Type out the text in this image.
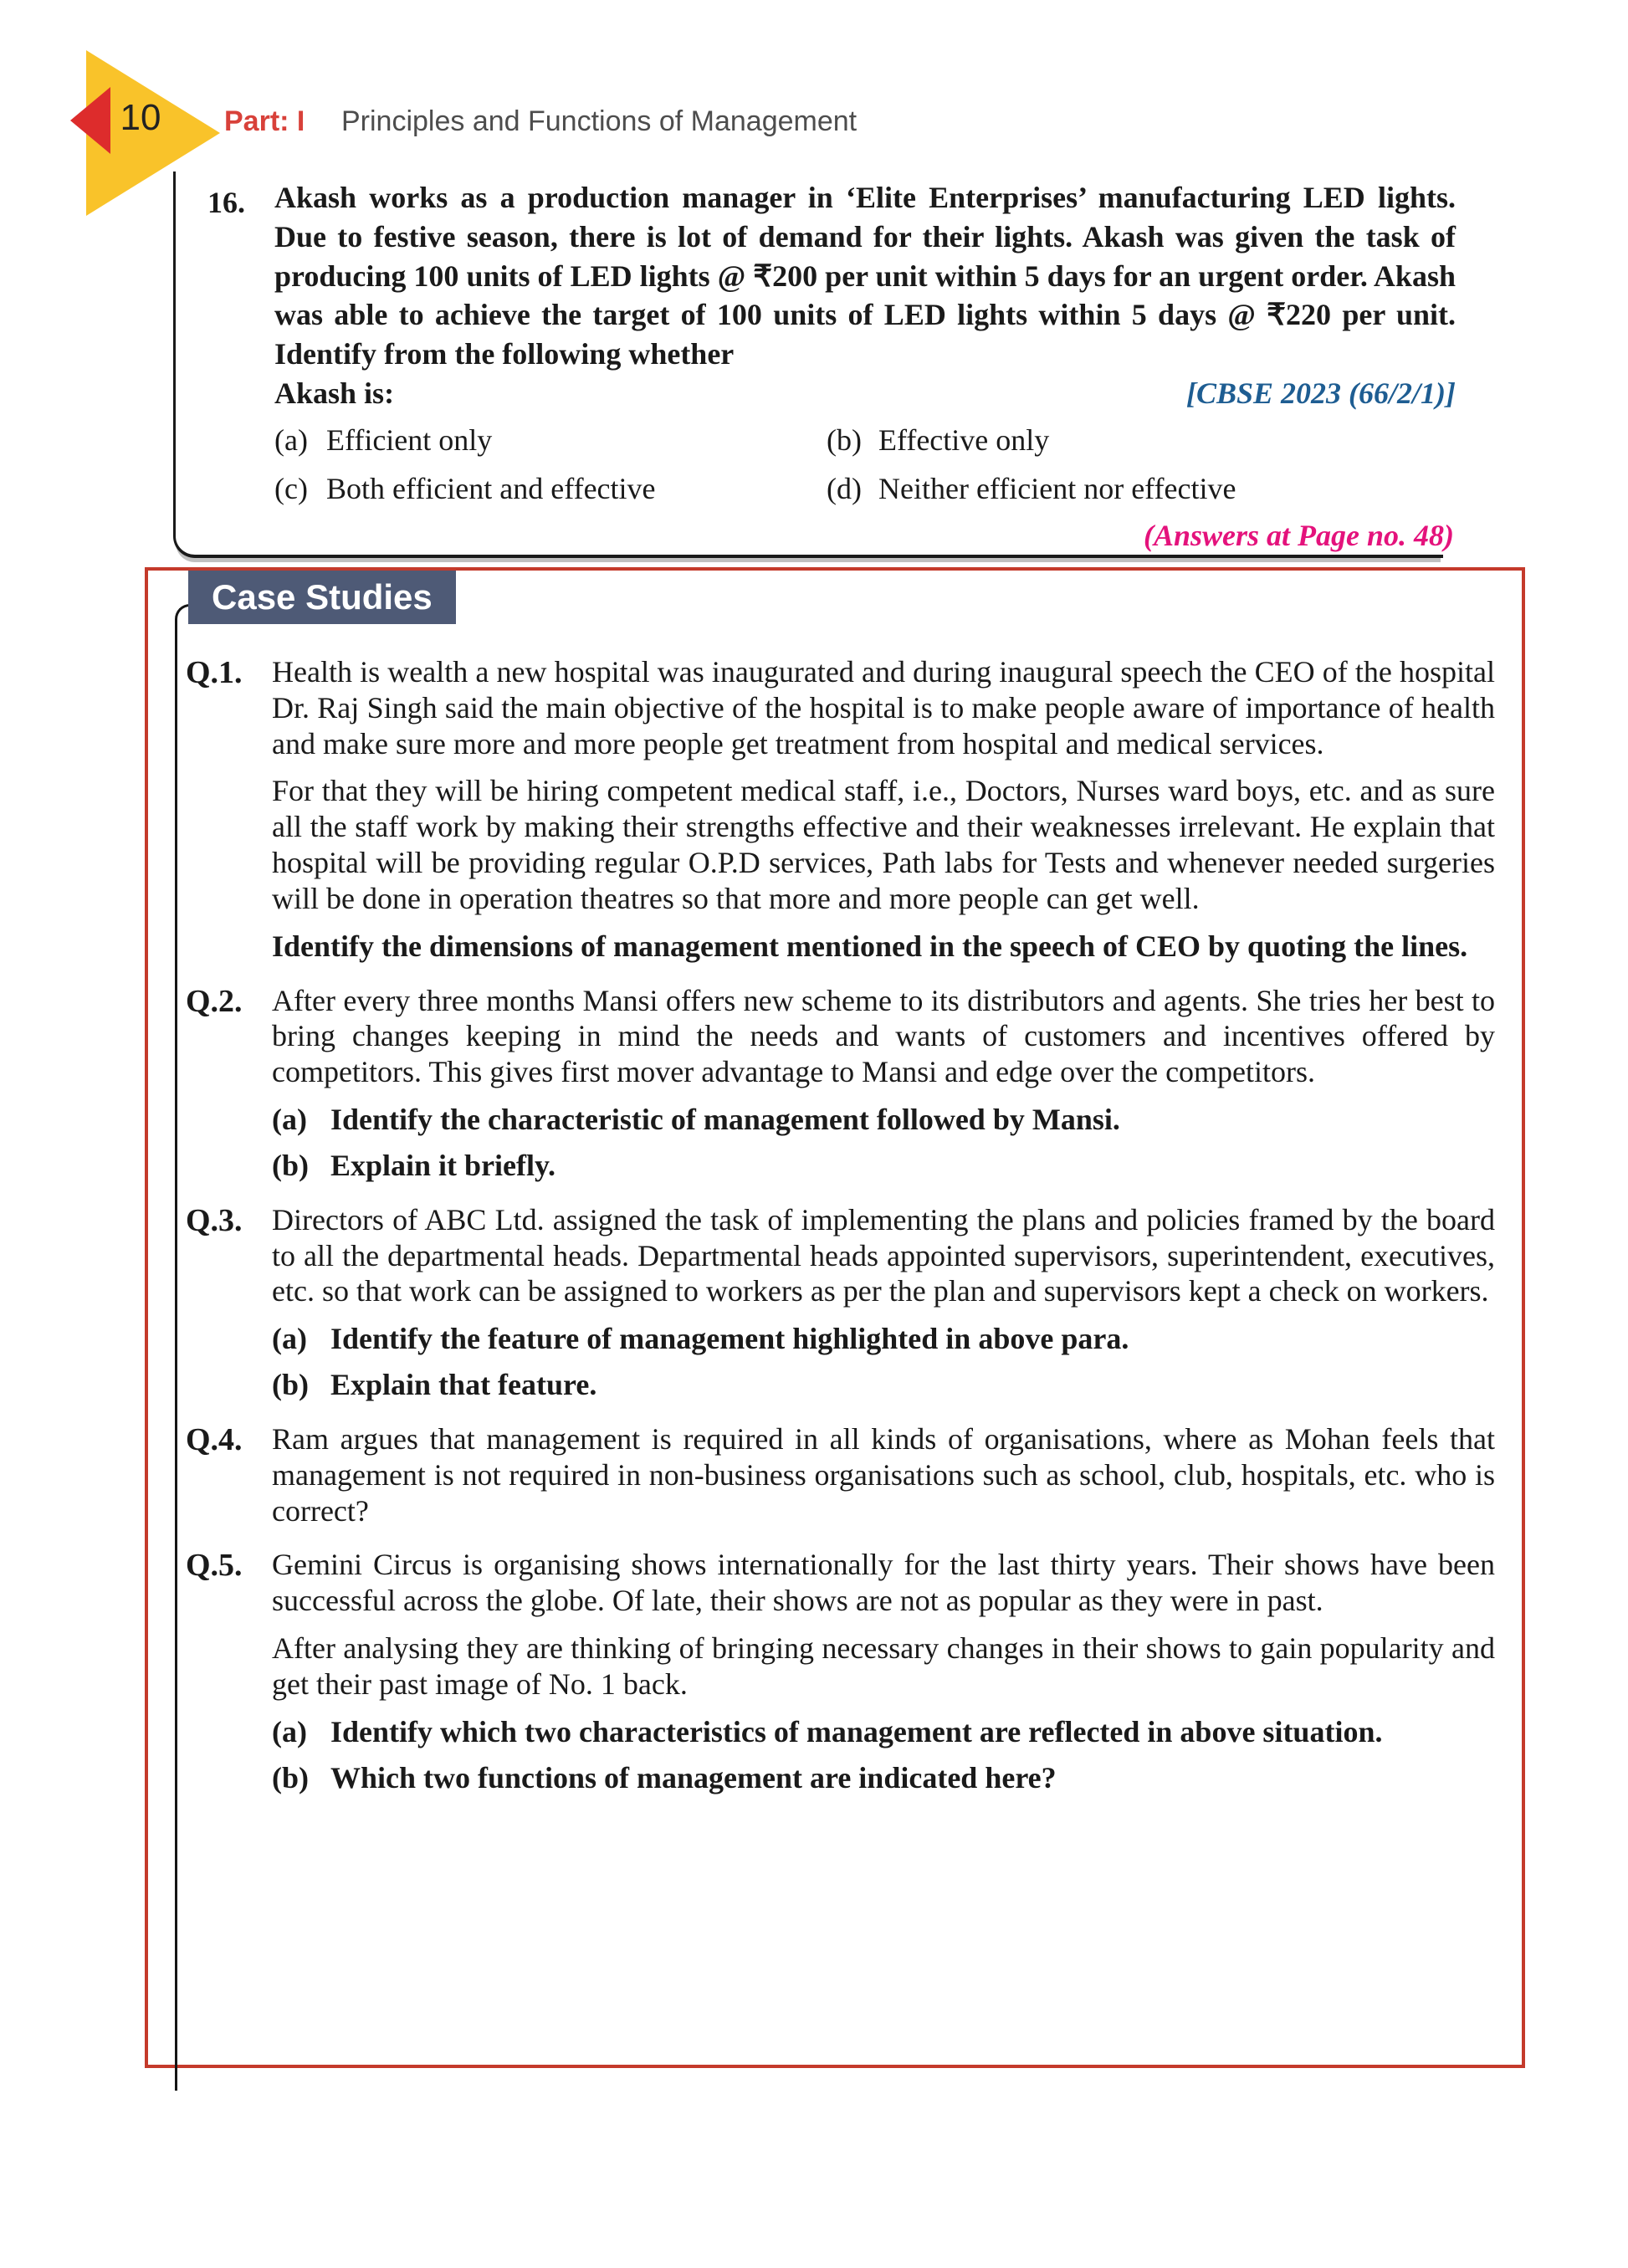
10	Part: I Principles and Functions of Management
16. Akash works as a production manager in ‘Elite Enterprises’ manufacturing LED lights. Due to festive season, there is lot of demand for their lights. Akash was given the task of producing 100 units of LED lights @ ₹200 per unit within 5 days for an urgent order. Akash was able to achieve the target of 100 units of LED lights within 5 days @ ₹220 per unit. Identify from the following whether
Akash is:	[CBSE 2023 (66/2/1)]
(a) Efficient only	(b) Effective only
(c) Both efficient and effective	(d) Neither efficient nor effective
(Answers at Page no. 48)
Case Studies
Q.1. Health is wealth a new hospital was inaugurated and during inaugural speech the CEO of the hospital Dr. Raj Singh said the main objective of the hospital is to make people aware of importance of health and make sure more and more people get treatment from hospital and medical services.
For that they will be hiring competent medical staff, i.e., Doctors, Nurses ward boys, etc. and as sure all the staff work by making their strengths effective and their weaknesses irrelevant. He explain that hospital will be providing regular O.P.D services, Path labs for Tests and whenever needed surgeries will be done in operation theatres so that more and more people can get well.
Identify the dimensions of management mentioned in the speech of CEO by quoting the lines.
Q.2. After every three months Mansi offers new scheme to its distributors and agents. She tries her best to bring changes keeping in mind the needs and wants of customers and incentives offered by competitors. This gives first mover advantage to Mansi and edge over the competitors.
(a) Identify the characteristic of management followed by Mansi.
(b) Explain it briefly.
Q.3. Directors of ABC Ltd. assigned the task of implementing the plans and policies framed by the board to all the departmental heads. Departmental heads appointed supervisors, superintendent, executives, etc. so that work can be assigned to workers as per the plan and supervisors kept a check on workers.
(a) Identify the feature of management highlighted in above para.
(b) Explain that feature.
Q.4. Ram argues that management is required in all kinds of organisations, where as Mohan feels that management is not required in non-business organisations such as school, club, hospitals, etc. who is correct?
Q.5. Gemini Circus is organising shows internationally for the last thirty years. Their shows have been successful across the globe. Of late, their shows are not as popular as they were in past.
After analysing they are thinking of bringing necessary changes in their shows to gain popularity and get their past image of No. 1 back.
(a) Identify which two characteristics of management are reflected in above situation.
(b) Which two functions of management are indicated here?
